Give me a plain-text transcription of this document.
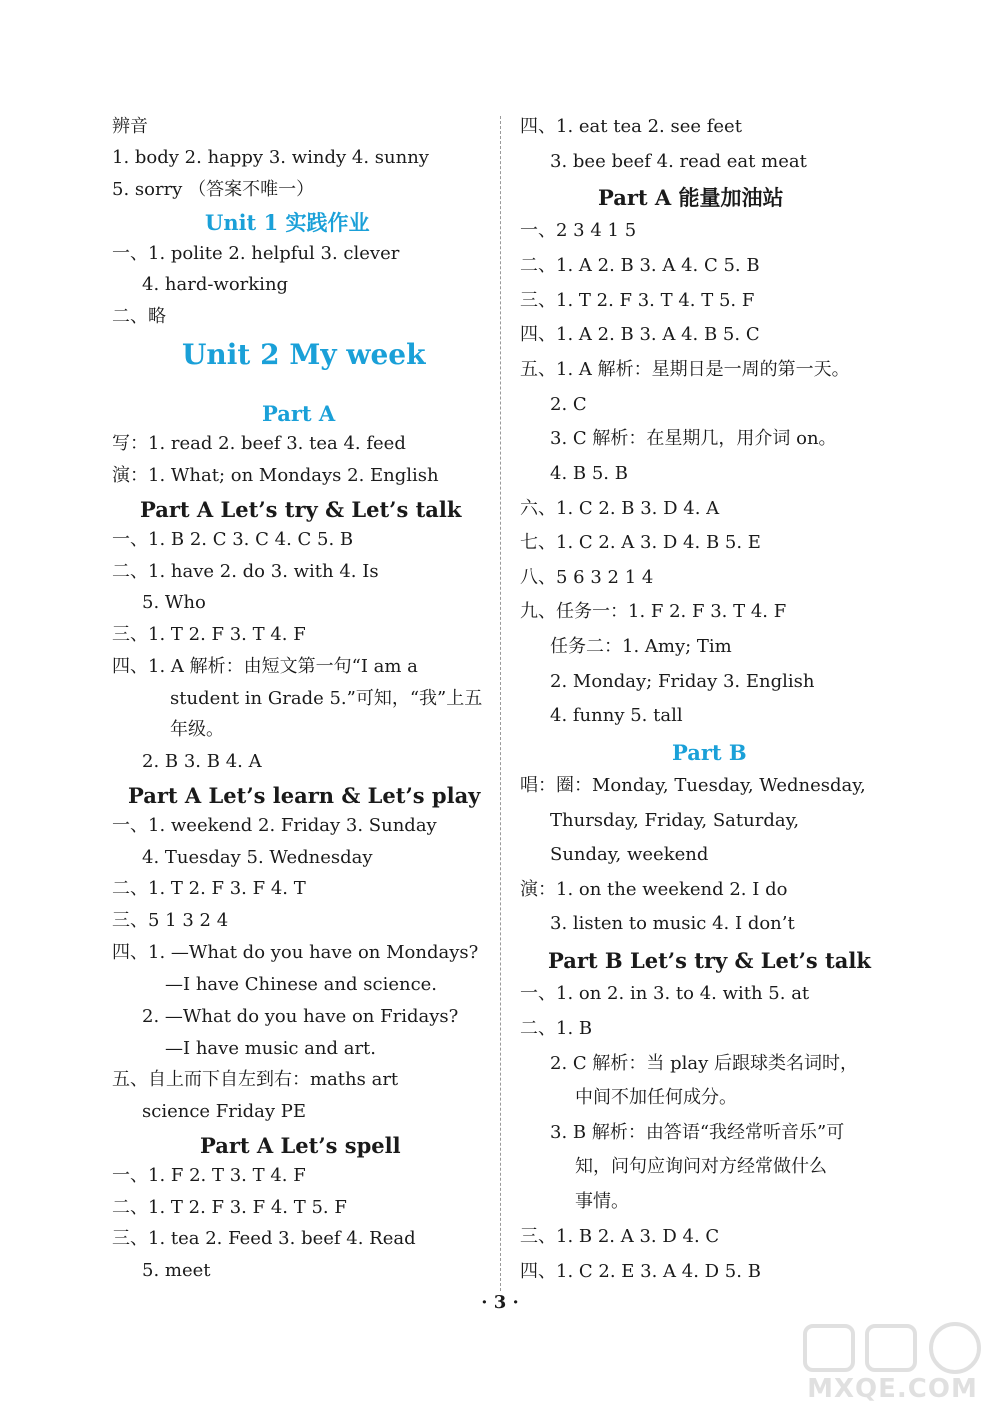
辨音
1. body 2. happy 3. windy 4. sunny
5. sorry （答案不唯一）
Unit 1 实践作业
一、1. polite 2. helpful 3. clever
4. hard-working
二、略
Unit 2 My week
Part A
写：1. read 2. beef 3. tea 4. feed
演：1. What; on Mondays 2. English
Part A Let’s try & Let’s talk
一、1. B 2. C 3. C 4. C 5. B
二、1. have 2. do 3. with 4. Is
5. Who
三、1. T 2. F 3. T 4. F
四、1. A 解析：由短文第一句“I am a
student in Grade 5.”可知，“我”上五
年级。
2. B 3. B 4. A
Part A Let’s learn & Let’s play
一、1. weekend 2. Friday 3. Sunday
4. Tuesday 5. Wednesday
二、1. T 2. F 3. F 4. T
三、5 1 3 2 4
四、1. —What do you have on Mondays?
—I have Chinese and science.
2. —What do you have on Fridays?
—I have music and art.
五、自上而下自左到右：maths art
science Friday PE
Part A Let’s spell
一、1. F 2. T 3. T 4. F
二、1. T 2. F 3. F 4. T 5. F
三、1. tea 2. Feed 3. beef 4. Read
5. meet
四、1. eat tea 2. see feet
3. bee beef 4. read eat meat
Part A 能量加油站
一、2 3 4 1 5
二、1. A 2. B 3. A 4. C 5. B
三、1. T 2. F 3. T 4. T 5. F
四、1. A 2. B 3. A 4. B 5. C
五、1. A 解析：星期日是一周的第一天。
2. C
3. C 解析：在星期几，用介词 on。
4. B 5. B
六、1. C 2. B 3. D 4. A
七、1. C 2. A 3. D 4. B 5. E
八、5 6 3 2 1 4
九、任务一：1. F 2. F 3. T 4. F
任务二：1. Amy; Tim
2. Monday; Friday 3. English
4. funny 5. tall
Part B
唱：圈：Monday, Tuesday, Wednesday,
Thursday, Friday, Saturday,
Sunday, weekend
演：1. on the weekend 2. I do
3. listen to music 4. I don’t
Part B Let’s try & Let’s talk
一、1. on 2. in 3. to 4. with 5. at
二、1. B
2. C 解析：当 play 后跟球类名词时，
中间不加任何成分。
3. B 解析：由答语“我经常听音乐”可
知，问句应询问对方经常做什么
事情。
三、1. B 2. A 3. D 4. C
四、1. C 2. E 3. A 4. D 5. B
· 3 ·
MXQE.COM
